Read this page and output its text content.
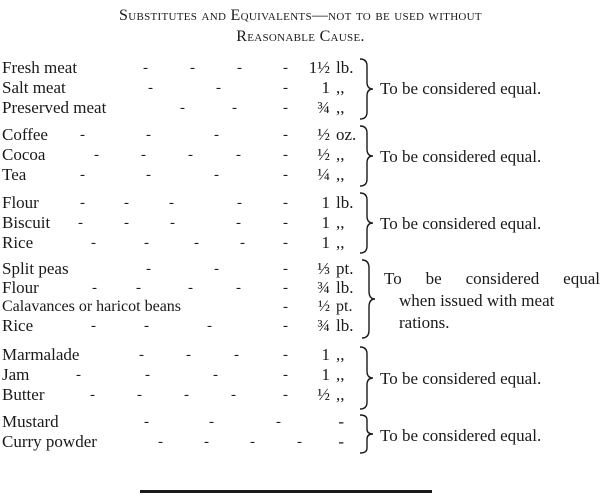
Substitutes and Equivalents—not to be used without
Reasonable Cause.
Fresh meat	-	-	-	- 1½ lb.
Salt meat	-	-	-	1 ,,
Preserved meat	-	-	-	¾ ,,
To be considered equal.
Coffee -	-	-	-	½ oz.
Cocoa	-	-	-	-	-	½ ,,
Tea	-	-	-	-	¼ ,,
To be considered equal.
Flour	-	-	-	-	-	1 lb.
Biscuit -	-	-	-	-	1 ,,
Rice	-	-	-	-	-	1 ,,
To be considered equal.
Split peas	-	-	-	⅓ pt.
Flour	-	-	-	-	-	¾ lb.
Calavances or haricot beans	-	½ pt.
Rice	-	-	-	-	¾ lb.
To be considered equal
when issued with meat
rations.
Marmalade	-	-	-	-	1 ,,
Jam	-	-	-	-	1 ,,
Butter	-	-	-	-	-	½ ,,
To be considered equal.
Mustard	-	-	-	-
Curry powder	-	-	-	- - To be considered equal.
